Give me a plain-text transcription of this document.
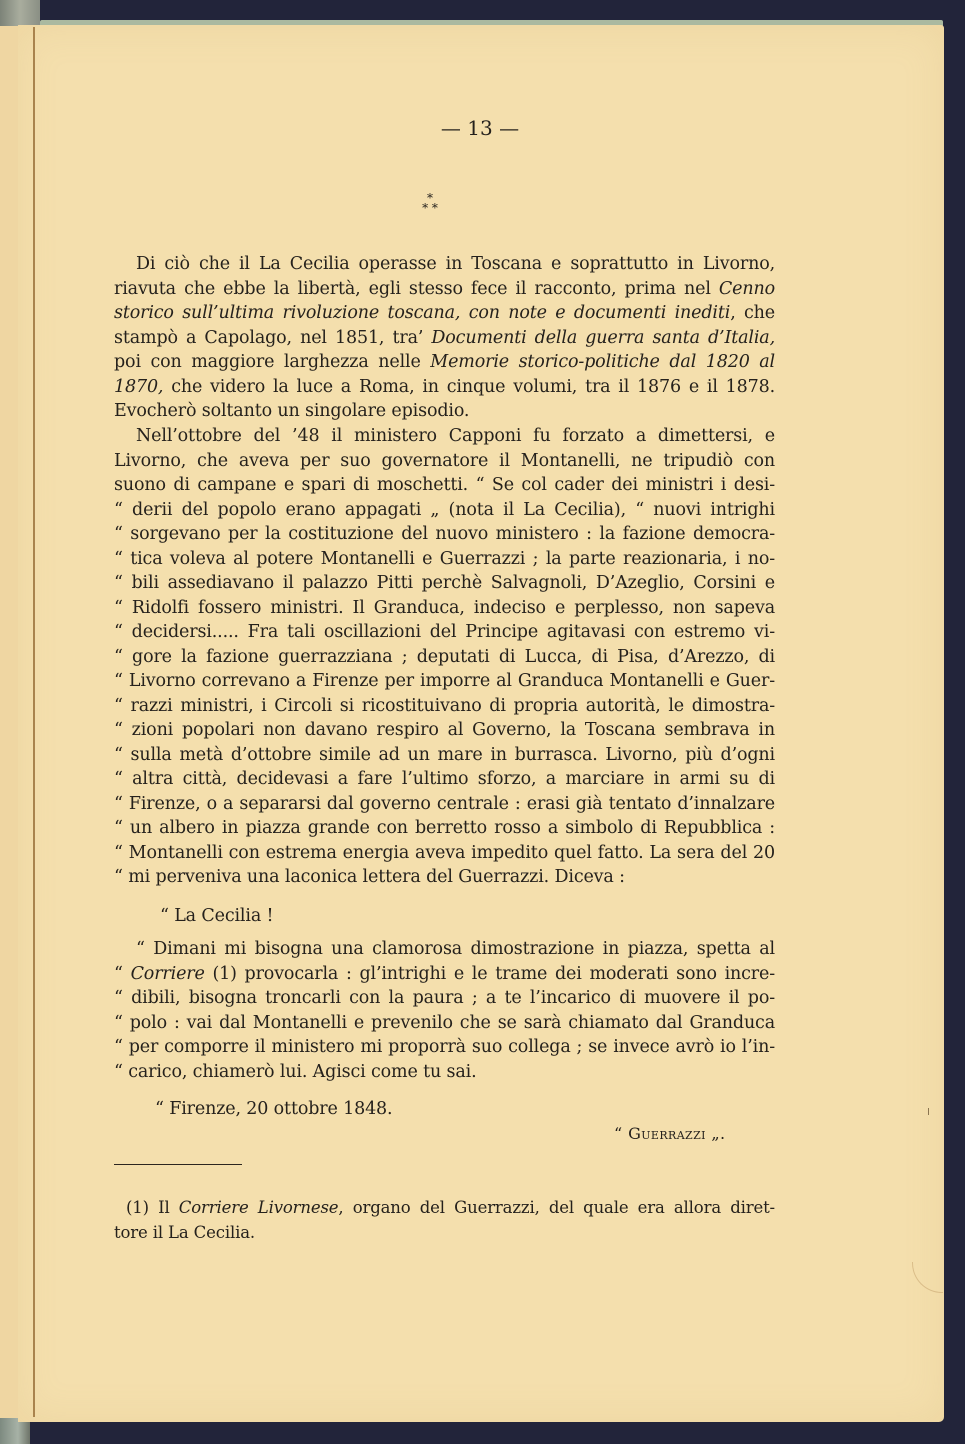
— 13 —
*
* *
Di ciò che il La Cecilia operasse in Toscana e soprattutto in Livorno,
riavuta che ebbe la libertà, egli stesso fece il racconto, prima nel Cenno
storico sull’ultima rivoluzione toscana, con note e documenti inediti, che
stampò a Capolago, nel 1851, tra’ Documenti della guerra santa d’Italia,
poi con maggiore larghezza nelle Memorie storico-politiche dal 1820 al
1870, che videro la luce a Roma, in cinque volumi, tra il 1876 e il 1878.
Evocherò soltanto un singolare episodio.
Nell’ottobre del ’48 il ministero Capponi fu forzato a dimettersi, e
Livorno, che aveva per suo governatore il Montanelli, ne tripudiò con
suono di campane e spari di moschetti. “ Se col cader dei ministri i desi-
“ derii del popolo erano appagati „ (nota il La Cecilia), “ nuovi intrighi
“ sorgevano per la costituzione del nuovo ministero : la fazione democra-
“ tica voleva al potere Montanelli e Guerrazzi ; la parte reazionaria, i no-
“ bili assediavano il palazzo Pitti perchè Salvagnoli, D’Azeglio, Corsini e
“ Ridolfi fossero ministri. Il Granduca, indeciso e perplesso, non sapeva
“ decidersi..... Fra tali oscillazioni del Principe agitavasi con estremo vi-
“ gore la fazione guerrazziana ; deputati di Lucca, di Pisa, d’Arezzo, di
“ Livorno correvano a Firenze per imporre al Granduca Montanelli e Guer-
“ razzi ministri, i Circoli si ricostituivano di propria autorità, le dimostra-
“ zioni popolari non davano respiro al Governo, la Toscana sembrava in
“ sulla metà d’ottobre simile ad un mare in burrasca. Livorno, più d’ogni
“ altra città, decidevasi a fare l’ultimo sforzo, a marciare in armi su di
“ Firenze, o a separarsi dal governo centrale : erasi già tentato d’innalzare
“ un albero in piazza grande con berretto rosso a simbolo di Repubblica :
“ Montanelli con estrema energia aveva impedito quel fatto. La sera del 20
“ mi perveniva una laconica lettera del Guerrazzi. Diceva :
“ La Cecilia !
“ Dimani mi bisogna una clamorosa dimostrazione in piazza, spetta al
“ Corriere (1) provocarla : gl’intrighi e le trame dei moderati sono incre-
“ dibili, bisogna troncarli con la paura ; a te l’incarico di muovere il po-
“ polo : vai dal Montanelli e prevenilo che se sarà chiamato dal Granduca
“ per comporre il ministero mi proporrà suo collega ; se invece avrò io l’in-
“ carico, chiamerò lui. Agisci come tu sai.
“ Firenze, 20 ottobre 1848.
“ Guerrazzi „.
(1) Il Corriere Livornese, organo del Guerrazzi, del quale era allora diret-
tore il La Cecilia.
